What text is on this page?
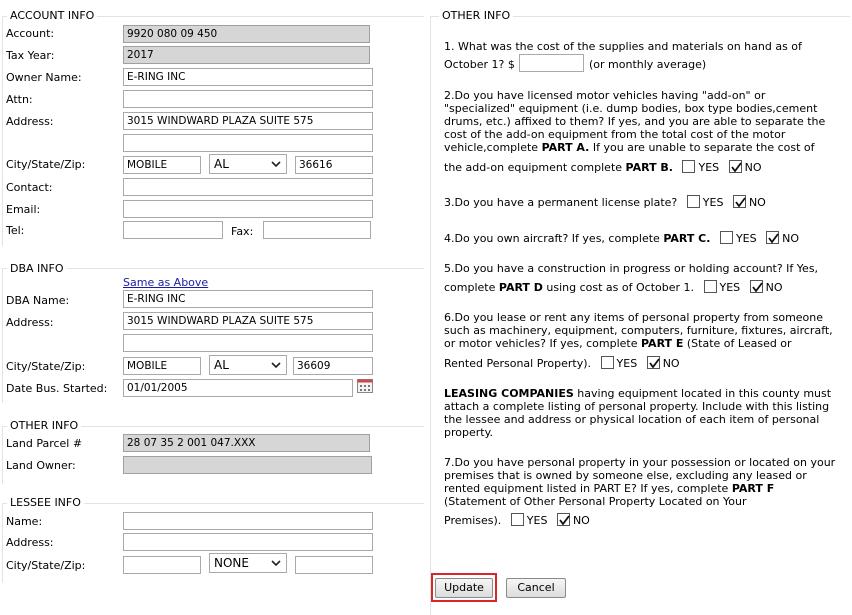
ACCOUNT INFO
Account:	9920 080 09 450
Tax Year:	2017
Owner Name:	E-RING INC
Attn:
Address:	3015 WINDWARD PLAZA SUITE 575
City/State/Zip:	MOBILE	AL	36616
Contact:
Email:
Tel:	Fax:
DBA INFO
Same as Above
DBA Name:	E-RING INC
Address:	3015 WINDWARD PLAZA SUITE 575
City/State/Zip:	MOBILE	AL	36609
Date Bus. Started:	01/01/2005
OTHER INFO
Land Parcel #	28 07 35 2 001 047.XXX
Land Owner:
LESSEE INFO
Name:
Address:
City/State/Zip:	NONE
OTHER INFO
1. What was the cost of the supplies and materials on hand as of
October 1? $	(or monthly average)
2.Do you have licensed motor vehicles having "add-on" or
"specialized" equipment (i.e. dump bodies, box type bodies,cement
drums, etc.) affixed to them? If yes, and you are able to separate the
cost of the add-on equipment from the total cost of the motor
vehicle,complete PART A. If you are unable to separate the cost of
the add-on equipment complete PART B. YES NO
3.Do you have a permanent license plate? YES NO
4.Do you own aircraft? If yes, complete PART C. YES NO
5.Do you have a construction in progress or holding account? If Yes,
complete PART D using cost as of October 1. YES NO
6.Do you lease or rent any items of personal property from someone
such as machinery, equipment, computers, furniture, fixtures, aircraft,
or motor vehicles? If yes, complete PART E (State of Leased or
Rented Personal Property). YES NO
LEASING COMPANIES having equipment located in this county must
attach a complete listing of personal property. Include with this listing
the lessee and address or physical location of each item of personal
property.
7.Do you have personal property in your possession or located on your
premises that is owned by someone else, excluding any leased or
rented equipment listed in PART E? If yes, complete PART F
(Statement of Other Personal Property Located on Your
Premises). YES NO
Update	Cancel
